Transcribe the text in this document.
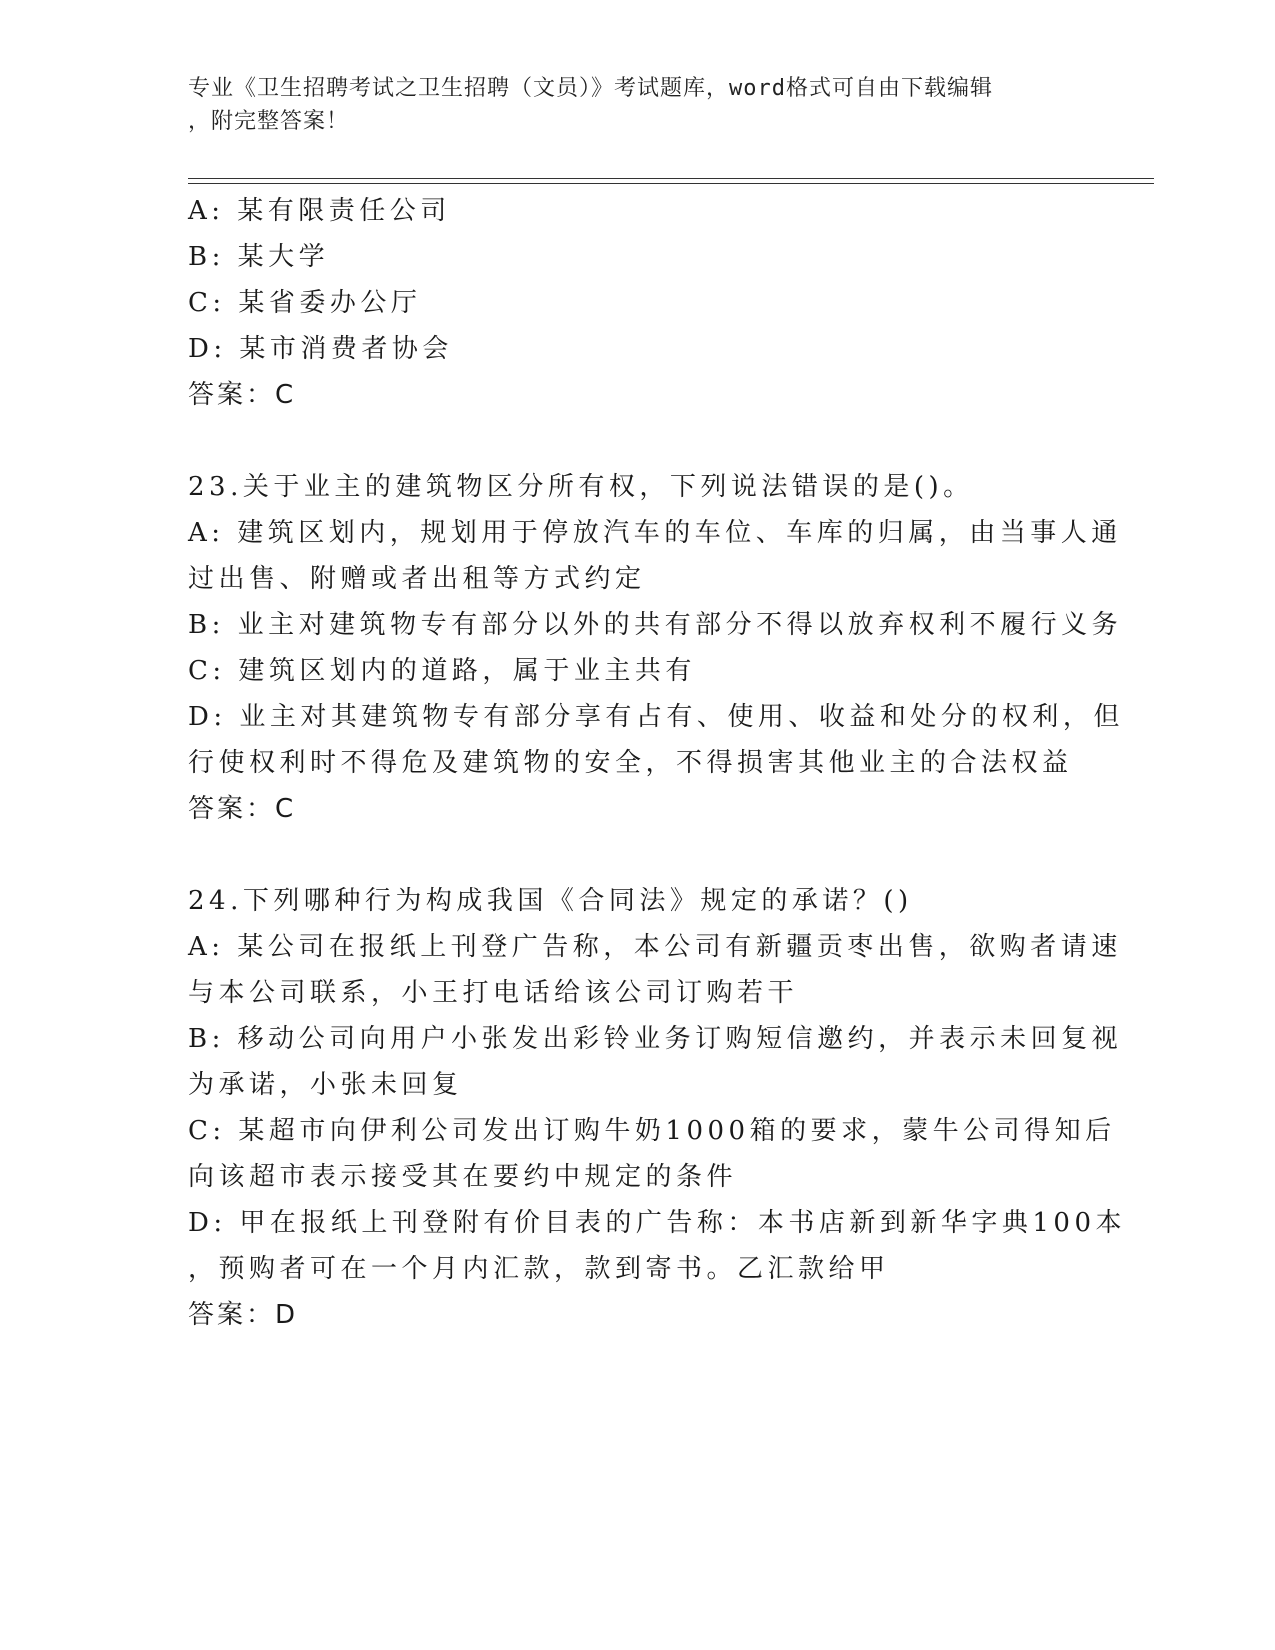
专业《卫生招聘考试之卫生招聘（文员）》考试题库，word格式可自由下载编辑
，附完整答案！
A: 某有限责任公司
B: 某大学
C: 某省委办公厅
D: 某市消费者协会
答案：C
23.关于业主的建筑物区分所有权，下列说法错误的是()。
A: 建筑区划内，规划用于停放汽车的车位、车库的归属，由当事人通
过出售、附赠或者出租等方式约定
B: 业主对建筑物专有部分以外的共有部分不得以放弃权利不履行义务
C: 建筑区划内的道路，属于业主共有
D: 业主对其建筑物专有部分享有占有、使用、收益和处分的权利，但
行使权利时不得危及建筑物的安全，不得损害其他业主的合法权益
答案：C
24.下列哪种行为构成我国《合同法》规定的承诺？()
A: 某公司在报纸上刊登广告称，本公司有新疆贡枣出售，欲购者请速
与本公司联系，小王打电话给该公司订购若干
B: 移动公司向用户小张发出彩铃业务订购短信邀约，并表示未回复视
为承诺，小张未回复
C: 某超市向伊利公司发出订购牛奶1000箱的要求，蒙牛公司得知后
向该超市表示接受其在要约中规定的条件
D: 甲在报纸上刊登附有价目表的广告称：本书店新到新华字典100本
，预购者可在一个月内汇款，款到寄书。乙汇款给甲
答案：D
